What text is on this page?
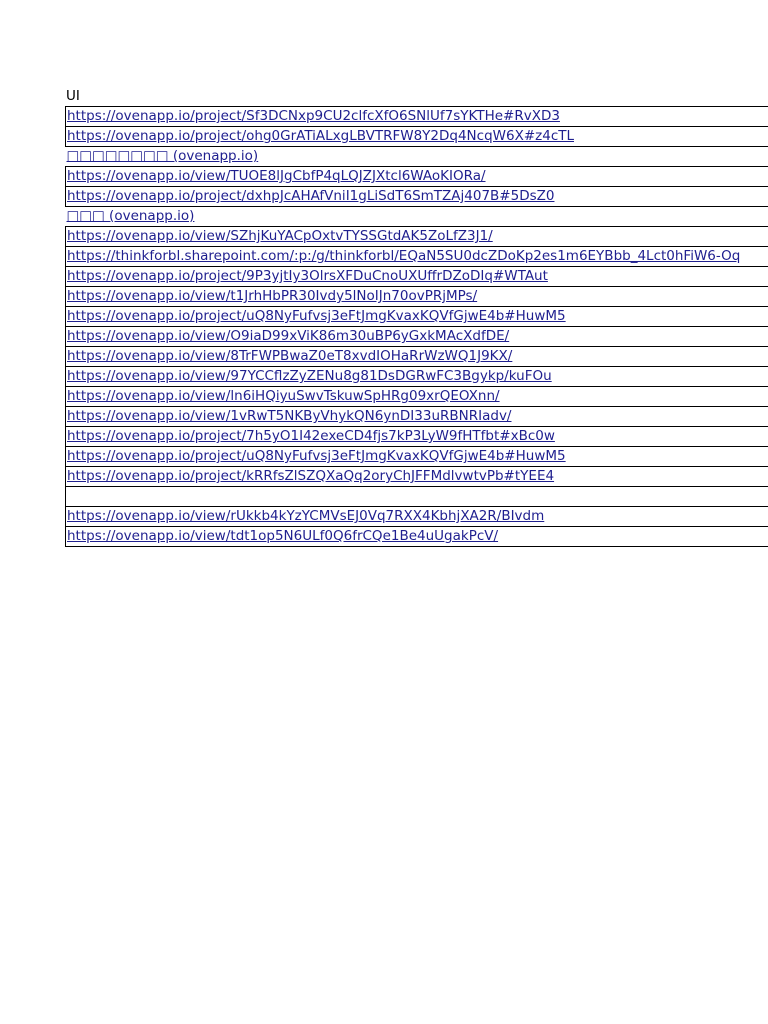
UI
https://ovenapp.io/project/Sf3DCNxp9CU2clfcXfO6SNlUf7sYKTHe#RvXD3
https://ovenapp.io/project/ohg0GrATiALxgLBVTRFW8Y2Dq4NcqW6X#z4cTL
□□□□□□□□ (ovenapp.io)
https://ovenapp.io/view/TUOE8lJgCbfP4qLQJZJXtcl6WAoKIORa/
https://ovenapp.io/project/dxhpJcAHAfVniI1gLiSdT6SmTZAj407B#5DsZ0
□□□ (ovenapp.io)
https://ovenapp.io/view/SZhjKuYACpOxtvTYSSGtdAK5ZoLfZ3J1/
https://thinkforbl.sharepoint.com/:p:/g/thinkforbl/EQaN5SU0dcZDoKp2es1m6EYBbb_4Lct0hFiW6-Oq
https://ovenapp.io/project/9P3yjtIy3OlrsXFDuCnoUXUffrDZoDIq#WTAut
https://ovenapp.io/view/t1JrhHbPR30Ivdy5lNoIJn70ovPRjMPs/
https://ovenapp.io/project/uQ8NyFufvsj3eFtJmgKvaxKQVfGjwE4b#HuwM5
https://ovenapp.io/view/O9iaD99xViK86m30uBP6yGxkMAcXdfDE/
https://ovenapp.io/view/8TrFWPBwaZ0eT8xvdIOHaRrWzWQ1J9KX/
https://ovenapp.io/view/97YCCflzZyZENu8g81DsDGRwFC3Bgykp/kuFOu
https://ovenapp.io/view/ln6iHQiyuSwvTskuwSpHRg09xrQEOXnn/
https://ovenapp.io/view/1vRwT5NKByVhykQN6ynDI33uRBNRIadv/
https://ovenapp.io/project/7h5yO1I42exeCD4fjs7kP3LyW9fHTfbt#xBc0w
https://ovenapp.io/project/uQ8NyFufvsj3eFtJmgKvaxKQVfGjwE4b#HuwM5
https://ovenapp.io/project/kRRfsZlSZQXaQq2oryChJFFMdlvwtvPb#tYEE4

https://ovenapp.io/view/rUkkb4kYzYCMVsEJ0Vq7RXX4KbhjXA2R/BIvdm
https://ovenapp.io/view/tdt1op5N6ULf0Q6frCQe1Be4uUgakPcV/
